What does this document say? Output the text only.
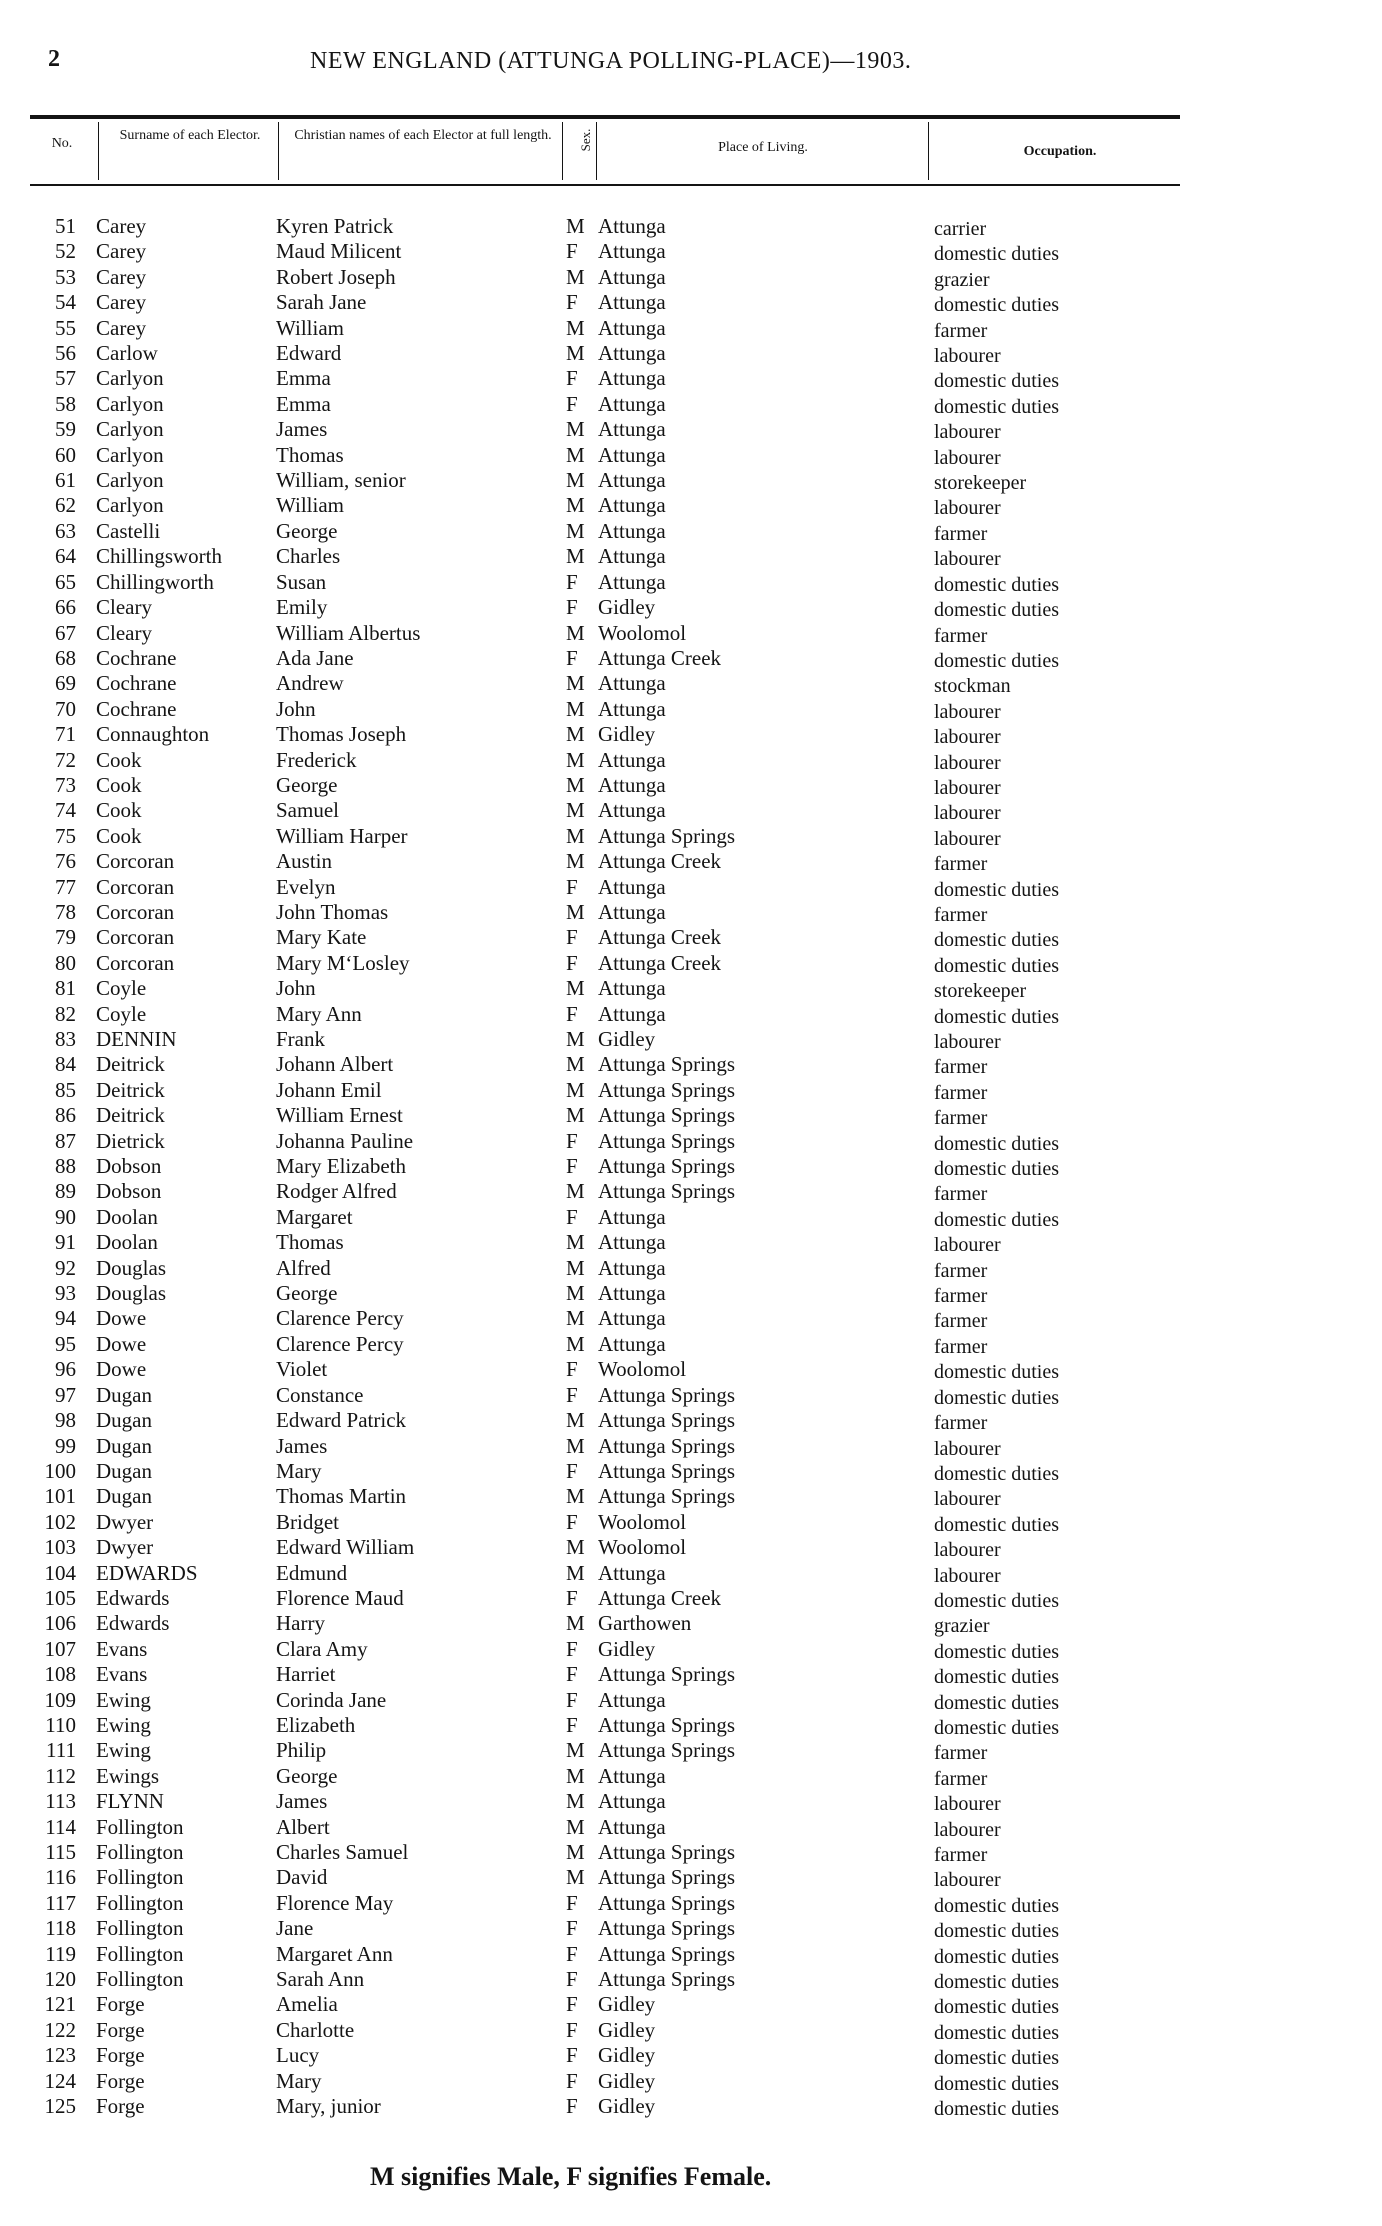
2	NEW ENGLAND (ATTUNGA POLLING-PLACE)—1903.
No.
Surname of each Elector.	Christian names of each Elector at full length.	Sex.	Place of Living.	Occupation.
51 Carey	Kyren Patrick	M Attunga	carrier
52 Carey	Maud Milicent	F Attunga	domestic duties
53 Carey	Robert Joseph	M Attunga	grazier
54 Carey	Sarah Jane	F Attunga	domestic duties
55 Carey	William	M Attunga	farmer
56 Carlow	Edward	M Attunga	labourer
57 Carlyon	Emma	F Attunga	domestic duties
58 Carlyon	Emma	F Attunga	domestic duties
59 Carlyon	James	M Attunga	labourer
60 Carlyon	Thomas	M Attunga	labourer
61 Carlyon	William, senior	M Attunga	storekeeper
62 Carlyon	William	M Attunga	labourer
63 Castelli	George	M Attunga	farmer
64 Chillingsworth	Charles	M Attunga	labourer
65 Chillingworth	Susan	F Attunga	domestic duties
66 Cleary	Emily	F Gidley	domestic duties
67 Cleary	William Albertus	M Woolomol	farmer
68 Cochrane	Ada Jane	F Attunga Creek	domestic duties
69 Cochrane	Andrew	M Attunga	stockman
70 Cochrane	John	M Attunga	labourer
71 Connaughton	Thomas Joseph	M Gidley	labourer
72 Cook	Frederick	M Attunga	labourer
73 Cook	George	M Attunga	labourer
74 Cook	Samuel	M Attunga	labourer
75 Cook	William Harper	M Attunga Springs	labourer
76 Corcoran	Austin	M Attunga Creek	farmer
77 Corcoran	Evelyn	F Attunga	domestic duties
78 Corcoran	John Thomas	M Attunga	farmer
79 Corcoran	Mary Kate	F Attunga Creek	domestic duties
80 Corcoran	Mary M‘Losley	F Attunga Creek	domestic duties
81 Coyle	John	M Attunga	storekeeper
82 Coyle	Mary Ann	F Attunga	domestic duties
83 DENNIN	Frank	M Gidley	labourer
84 Deitrick	Johann Albert	M Attunga Springs	farmer
85 Deitrick	Johann Emil	M Attunga Springs	farmer
86 Deitrick	William Ernest	M Attunga Springs	farmer
87 Dietrick	Johanna Pauline	F Attunga Springs	domestic duties
88 Dobson	Mary Elizabeth	F Attunga Springs	domestic duties
89 Dobson	Rodger Alfred	M Attunga Springs	farmer
90 Doolan	Margaret	F Attunga	domestic duties
91 Doolan	Thomas	M Attunga	labourer
92 Douglas	Alfred	M Attunga	farmer
93 Douglas	George	M Attunga	farmer
94 Dowe	Clarence Percy	M Attunga	farmer
95 Dowe	Clarence Percy	M Attunga	farmer
96 Dowe	Violet	F Woolomol	domestic duties
97 Dugan	Constance	F Attunga Springs	domestic duties
98 Dugan	Edward Patrick	M Attunga Springs	farmer
99 Dugan	James	M Attunga Springs	labourer
100 Dugan	Mary	F Attunga Springs	domestic duties
101 Dugan	Thomas Martin	M Attunga Springs	labourer
102 Dwyer	Bridget	F Woolomol	domestic duties
103 Dwyer	Edward William	M Woolomol	labourer
104 EDWARDS	Edmund	M Attunga	labourer
105 Edwards	Florence Maud	F Attunga Creek	domestic duties
106 Edwards	Harry	M Garthowen	grazier
107 Evans	Clara Amy	F Gidley	domestic duties
108 Evans	Harriet	F Attunga Springs	domestic duties
109 Ewing	Corinda Jane	F Attunga	domestic duties
110 Ewing	Elizabeth	F Attunga Springs	domestic duties
111 Ewing	Philip	M Attunga Springs	farmer
112 Ewings	George	M Attunga	farmer
113 FLYNN	James	M Attunga	labourer
114 Follington	Albert	M Attunga	labourer
115 Follington	Charles Samuel	M Attunga Springs	farmer
116 Follington	David	M Attunga Springs	labourer
117 Follington	Florence May	F Attunga Springs	domestic duties
118 Follington	Jane	F Attunga Springs	domestic duties
119 Follington	Margaret Ann	F Attunga Springs	domestic duties
120 Follington	Sarah Ann	F Attunga Springs	domestic duties
121 Forge	Amelia	F Gidley	domestic duties
122 Forge	Charlotte	F Gidley	domestic duties
123 Forge	Lucy	F Gidley	domestic duties
124 Forge	Mary	F Gidley	domestic duties
125 Forge	Mary, junior	F Gidley	domestic duties
M signifies Male, F signifies Female.
